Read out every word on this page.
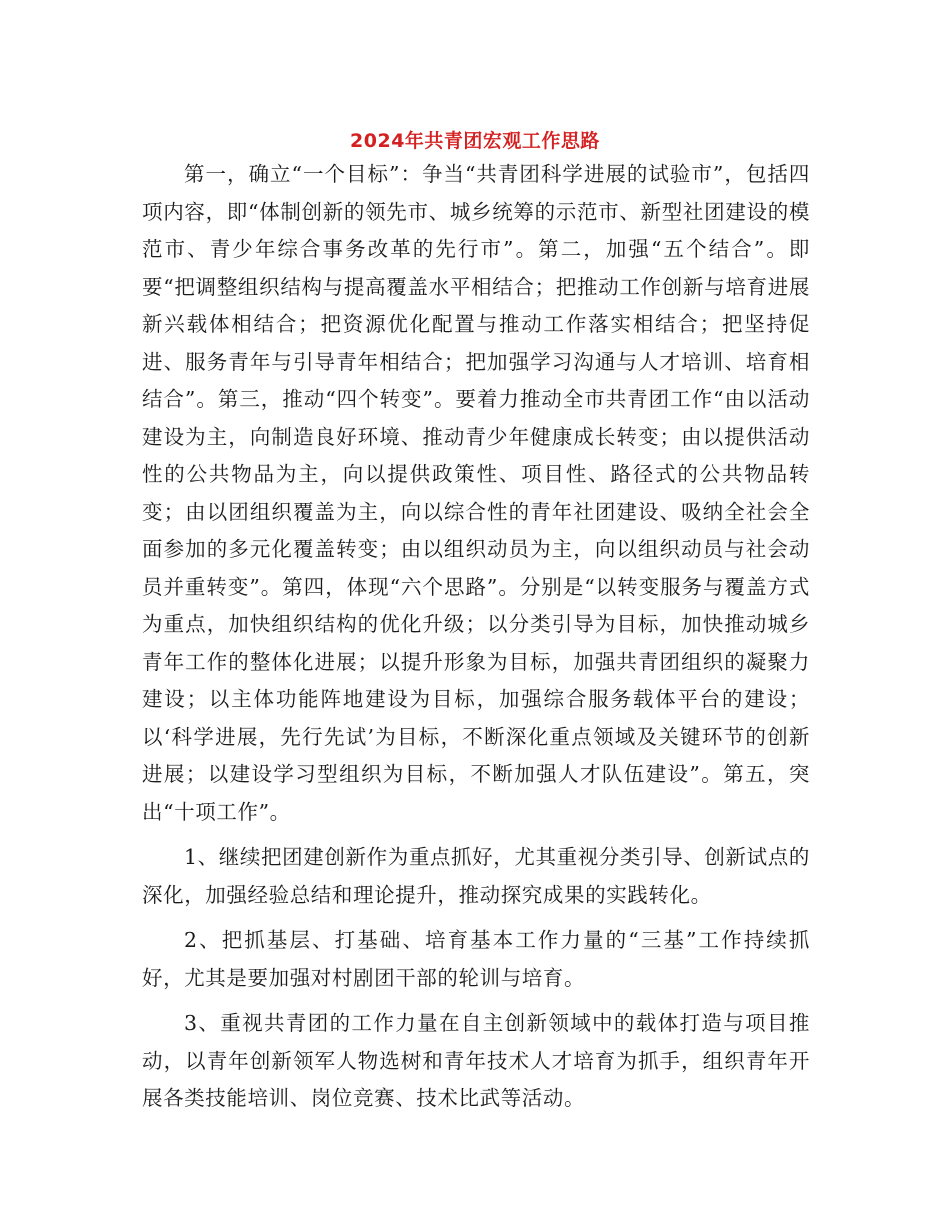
2024年共青团宏观工作思路

第一，确立“一个目标”：争当“共青团科学进展的试验市”，包括四项内容，即“体制创新的领先市、城乡统筹的示范市、新型社团建设的模范市、青少年综合事务改革的先行市”。第二，加强“五个结合”。即要“把调整组织结构与提高覆盖水平相结合；把推动工作创新与培育进展新兴载体相结合；把资源优化配置与推动工作落实相结合；把坚持促进、服务青年与引导青年相结合；把加强学习沟通与人才培训、培育相结合”。第三，推动“四个转变”。要着力推动全市共青团工作“由以活动建设为主，向制造良好环境、推动青少年健康成长转变；由以提供活动性的公共物品为主，向以提供政策性、项目性、路径式的公共物品转变；由以团组织覆盖为主，向以综合性的青年社团建设、吸纳全社会全面参加的多元化覆盖转变；由以组织动员为主，向以组织动员与社会动员并重转变”。第四，体现“六个思路”。分别是“以转变服务与覆盖方式为重点，加快组织结构的优化升级；以分类引导为目标，加快推动城乡青年工作的整体化进展；以提升形象为目标，加强共青团组织的凝聚力建设；以主体功能阵地建设为目标，加强综合服务载体平台的建设；以‘科学进展，先行先试’为目标，不断深化重点领域及关键环节的创新进展；以建设学习型组织为目标，不断加强人才队伍建设”。第五，突出“十项工作”。

1、继续把团建创新作为重点抓好，尤其重视分类引导、创新试点的深化，加强经验总结和理论提升，推动探究成果的实践转化。

2、把抓基层、打基础、培育基本工作力量的“三基”工作持续抓好，尤其是要加强对村剧团干部的轮训与培育。

3、重视共青团的工作力量在自主创新领域中的载体打造与项目推动，以青年创新领军人物选树和青年技术人才培育为抓手，组织青年开展各类技能培训、岗位竞赛、技术比武等活动。
